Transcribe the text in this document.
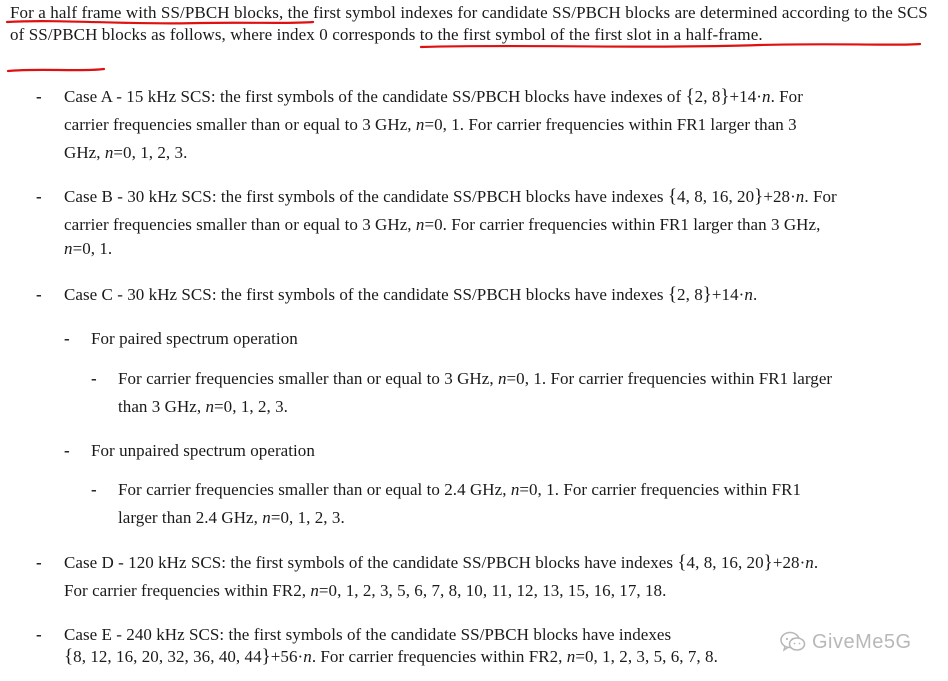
For a half frame with SS/PBCH blocks, the first symbol indexes for candidate SS/PBCH blocks are determined according to the SCS of SS/PBCH blocks as follows, where index 0 corresponds to the first symbol of the first slot in a half-frame.
- Case A - 15 kHz SCS: the first symbols of the candidate SS/PBCH blocks have indexes of {2, 8}+14·n. For
carrier frequencies smaller than or equal to 3 GHz, n=0, 1. For carrier frequencies within FR1 larger than 3
GHz, n=0, 1, 2, 3.
- Case B - 30 kHz SCS: the first symbols of the candidate SS/PBCH blocks have indexes {4, 8, 16, 20}+28·n. For
carrier frequencies smaller than or equal to 3 GHz, n=0. For carrier frequencies within FR1 larger than 3 GHz,
n=0, 1.
- Case C - 30 kHz SCS: the first symbols of the candidate SS/PBCH blocks have indexes {2, 8}+14·n.
- For paired spectrum operation
- For carrier frequencies smaller than or equal to 3 GHz, n=0, 1. For carrier frequencies within FR1 larger
than 3 GHz, n=0, 1, 2, 3.
- For unpaired spectrum operation
- For carrier frequencies smaller than or equal to 2.4 GHz, n=0, 1. For carrier frequencies within FR1
larger than 2.4 GHz, n=0, 1, 2, 3.
- Case D - 120 kHz SCS: the first symbols of the candidate SS/PBCH blocks have indexes {4, 8, 16, 20}+28·n.
For carrier frequencies within FR2, n=0, 1, 2, 3, 5, 6, 7, 8, 10, 11, 12, 13, 15, 16, 17, 18.
- Case E - 240 kHz SCS: the first symbols of the candidate SS/PBCH blocks have indexes
{8, 12, 16, 20, 32, 36, 40, 44}+56·n. For carrier frequencies within FR2, n=0, 1, 2, 3, 5, 6, 7, 8.
GiveMe5G
